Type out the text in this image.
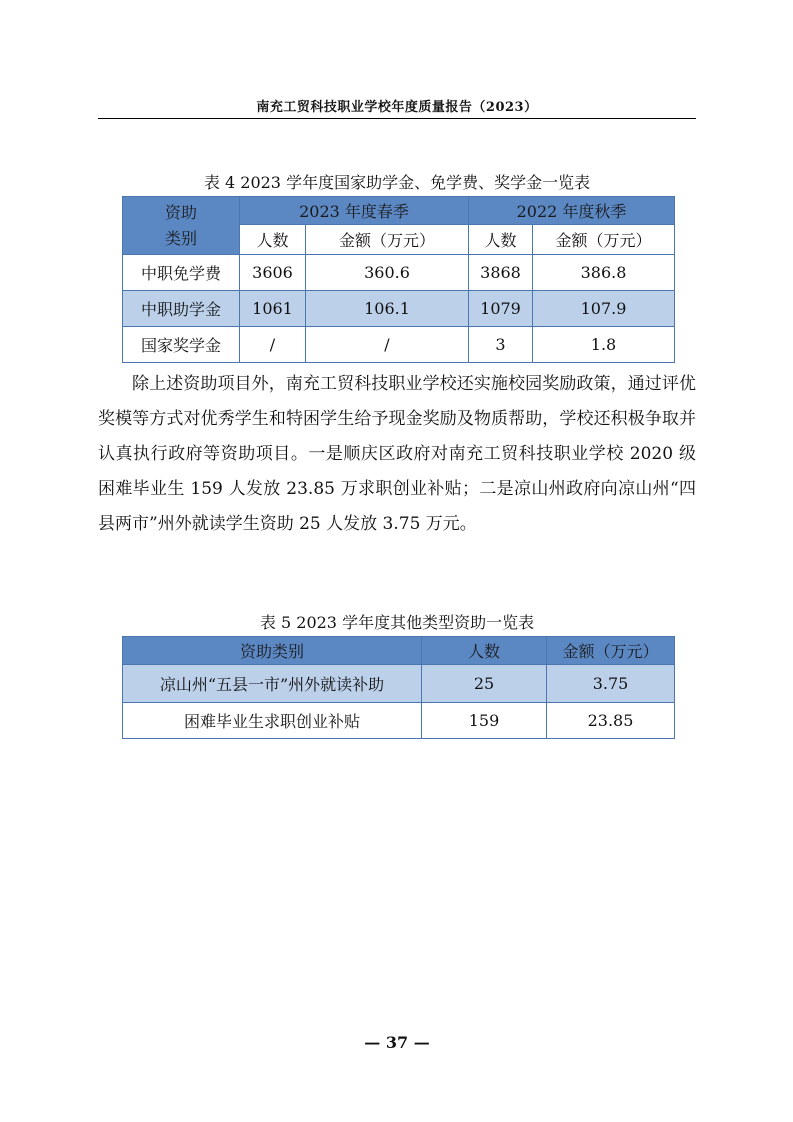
南充工贸科技职业学校年度质量报告（2023）
表 4 2023 学年度国家助学金、免学费、奖学金一览表
资助
类别	2023 年度春季		2022 年度秋季	
	人数	金额（万元）	人数	金额（万元）
中职免学费	3606	360.6	3868	386.8
中职助学金	1061	106.1	1079	107.9
国家奖学金	/	/	3	1.8

除上述资助项目外，南充工贸科技职业学校还实施校园奖励政策，通过评优奖模等方式对优秀学生和特困学生给予现金奖励及物质帮助，学校还积极争取并认真执行政府等资助项目。一是顺庆区政府对南充工贸科技职业学校 2020 级困难毕业生 159 人发放 23.85 万求职创业补贴；二是凉山州政府向凉山州“四县两市”州外就读学生资助 25 人发放 3.75 万元。

表 5 2023 学年度其他类型资助一览表
资助类别	人数	金额（万元）
凉山州“五县一市”州外就读补助	25	3.75
困难毕业生求职创业补贴	159	23.85
— 37 —
